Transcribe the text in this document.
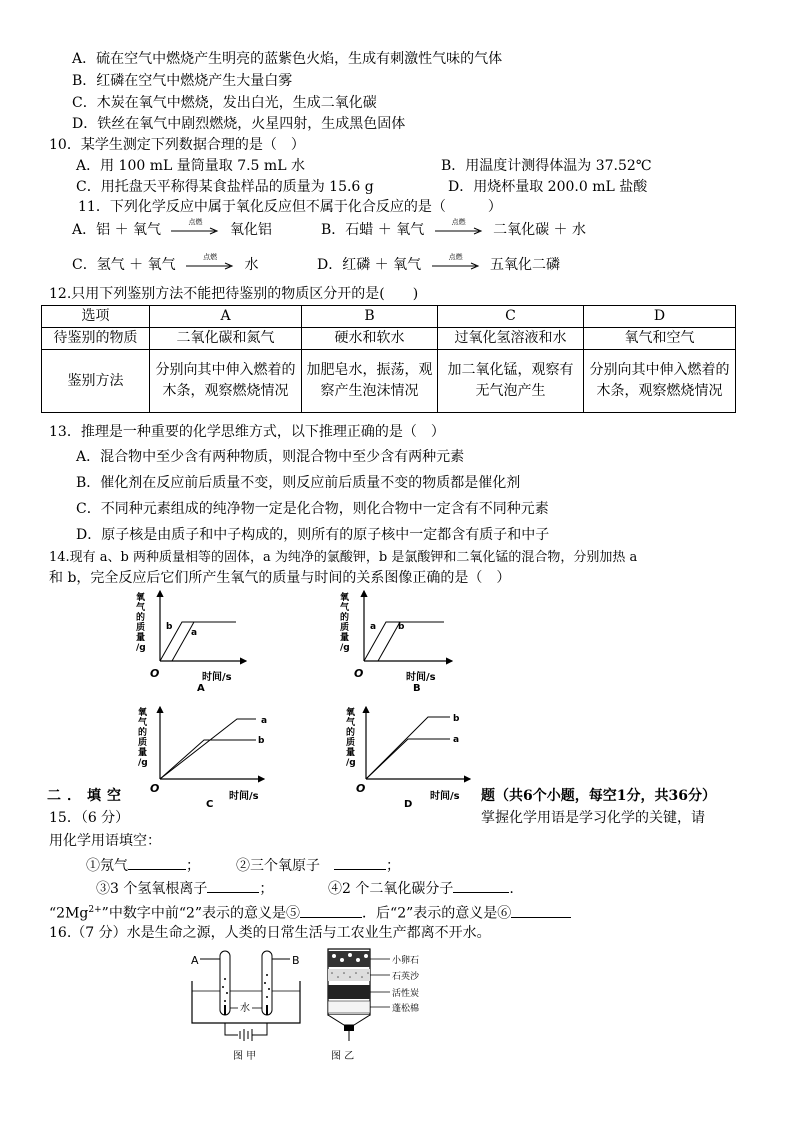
A．硫在空气中燃烧产生明亮的蓝紫色火焰，生成有刺激性气味的气体
B．红磷在空气中燃烧产生大量白雾
C．木炭在氧气中燃烧，发出白光，生成二氧化碳
D．铁丝在氧气中剧烈燃烧，火星四射，生成黑色固体
10．某学生测定下列数据合理的是（　）
A．用 100 mL 量筒量取 7.5 mL 水	B．用温度计测得体温为 37.52℃
C．用托盘天平称得某食盐样品的质量为 15.6 g	D．用烧杯量取 200.0 mL 盐酸
11．下列化学反应中属于氧化反应但不属于化合反应的是（　　　）
A．铝 ＋ 氧气	点燃	氧化铝	B．石蜡 ＋ 氧气	点燃	二氧化碳 ＋ 水
C．氢气 ＋ 氧气	点燃	水	D．红磷 ＋ 氧气	点燃	五氧化二磷
12.只用下列鉴别方法不能把待鉴别的物质区分开的是(　　)
选项	A	B	C	D
待鉴别的物质	二氧化碳和氮气	硬水和软水	过氧化氢溶液和水	氧气和空气
鉴别方法	分别向其中伸入燃着的木条，观察燃烧情况	加肥皂水，振荡，观察产生泡沫情况	加二氧化锰，观察有无气泡产生	分别向其中伸入燃着的木条，观察燃烧情况
13．推理是一种重要的化学思维方式，以下推理正确的是（　）
A．混合物中至少含有两种物质，则混合物中至少含有两种元素
B．催化剂在反应前后质量不变，则反应前后质量不变的物质都是催化剂
C．不同种元素组成的纯净物一定是化合物，则化合物中一定含有不同种元素
D．原子核是由质子和中子构成的，则所有的原子核中一定都含有质子和中子
14.现有 a、b 两种质量相等的固体，a 为纯净的氯酸钾，b 是氯酸钾和二氧化锰的混合物，分别加热 a
和 b，完全反应后它们所产生氧气的质量与时间的关系图像正确的是（　）
氧
气
的
质
量
/g
O	时间/s
b
a
A
氧
气
的
质
量
/g
O	时间/s
a b
B
氧
气
的
质
量
/g
O
时间/s
a
b
C
氧
气
的
质
量
/g
O
时间/s
b
a
D
二．填空	题（共6个小题，每空1分，共36分）
15．（6 分）	掌握化学用语是学习化学的关键，请
用化学用语填空：
①氖气	；	②三个氧原子　	；
③3 个氢氧根离子	；	④2 个二氧化碳分子	.
“$2Mg^{2+}$”中数字中前“2”表示的意义是⑤	．后“2”表示的意义是⑥
16.（7 分）水是生命之源，人类的日常生活与工农业生产都离不开水。
A	B
水
图 甲
小卵石
石英沙
活性炭
蓬松棉
图 乙
